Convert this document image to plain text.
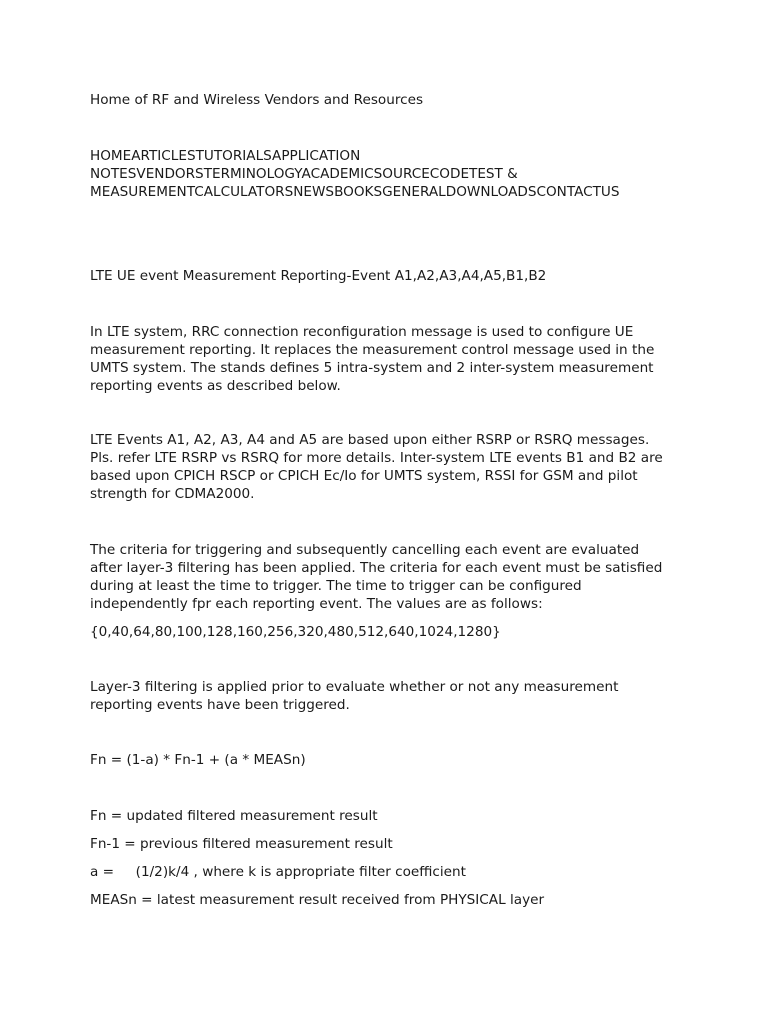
Home of RF and Wireless Vendors and Resources

HOMEARTICLESTUTORIALSAPPLICATION
NOTESVENDORSTERMINOLOGYACADEMICSOURCECODETEST &
MEASUREMENTCALCULATORSNEWSBOOKSGENERALDOWNLOADSCONTACTUS

LTE UE event Measurement Reporting-Event A1,A2,A3,A4,A5,B1,B2

In LTE system, RRC connection reconfiguration message is used to configure UE
measurement reporting. It replaces the measurement control message used in the
UMTS system. The stands defines 5 intra-system and 2 inter-system measurement
reporting events as described below.
LTE Events A1, A2, A3, A4 and A5 are based upon either RSRP or RSRQ messages.
Pls. refer LTE RSRP vs RSRQ for more details. Inter-system LTE events B1 and B2 are
based upon CPICH RSCP or CPICH Ec/Io for UMTS system, RSSI for GSM and pilot
strength for CDMA2000.
The criteria for triggering and subsequently cancelling each event are evaluated
after layer-3 filtering has been applied. The criteria for each event must be satisfied
during at least the time to trigger. The time to trigger can be configured
independently fpr each reporting event. The values are as follows:

{0,40,64,80,100,128,160,256,320,480,512,640,1024,1280}

Layer-3 filtering is applied prior to evaluate whether or not any measurement
reporting events have been triggered.

Fn = (1-a) * Fn-1 + (a * MEASn)

Fn = updated filtered measurement result

Fn-1 = previous filtered measurement result

a =     (1/2)k/4 , where k is appropriate filter coefficient

MEASn = latest measurement result received from PHYSICAL layer
